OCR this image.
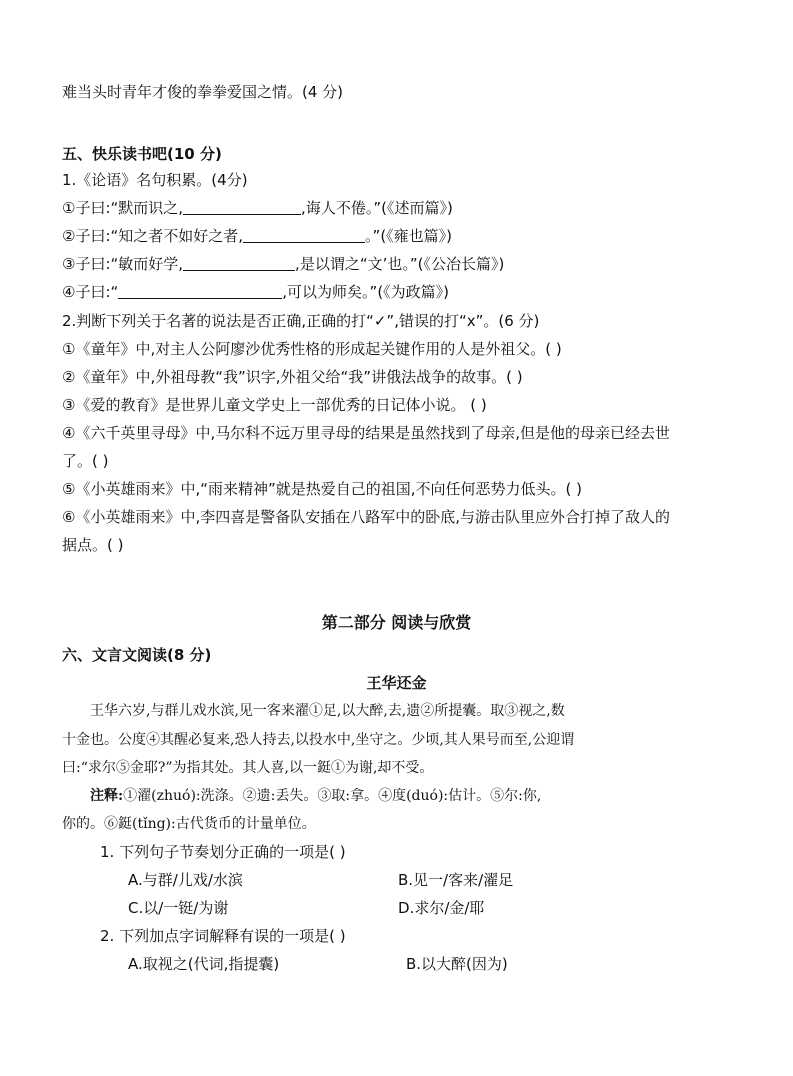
难当头时青年才俊的拳拳爱国之情。(4 分)
五、快乐读书吧(10 分)
1.《论语》名句积累。(4分)
①子曰:“默而识之,	,诲人不倦。”(《述而篇》)
②子曰:“知之者不如好之者,	。”(《雍也篇》)
③子曰:“敏而好学,	,是以谓之“文’也。”(《公冶长篇》)
④子曰:“	,可以为师矣。”(《为政篇》)
2.判断下列关于名著的说法是否正确,正确的打“✓”,错误的打“x”。(6 分)
①《童年》中,对主人公阿廖沙优秀性格的形成起关键作用的人是外祖父。( )
②《童年》中,外祖母教“我”识字,外祖父给“我”讲俄法战争的故事。( )
③《爱的教育》是世界儿童文学史上一部优秀的日记体小说。 ( )
④《六千英里寻母》中,马尔科不远万里寻母的结果是虽然找到了母亲,但是他的母亲已经去世
了。( )
⑤《小英雄雨来》中,“雨来精神”就是热爱自己的祖国,不向任何恶势力低头。( )
⑥《小英雄雨来》中,李四喜是警备队安插在八路军中的卧底,与游击队里应外合打掉了敌人的
据点。( )
第二部分 阅读与欣赏
六、文言文阅读(8 分)
王华还金
王华六岁,与群儿戏水滨,见一客来濯①足,以大醉,去,遗②所提囊。取③视之,数
十金也。公度④其醒必复来,恐人持去,以投水中,坐守之。少顷,其人果号而至,公迎谓
曰:“求尔⑤金耶?”为指其处。其人喜,以一鋌①为谢,却不受。
注释:①濯(zhuó):洗涤。②遗:丢失。③取:拿。④度(duó):估计。⑤尔:你,
你的。⑥鋌(tǐng):古代货币的计量单位。
1. 下列句子节奏划分正确的一项是( )
A.与群/儿戏/水滨	B.见一/客来/濯足
C.以/一铤/为谢	D.求尔/金/耶
2. 下列加点字词解释有误的一项是( )
A.取视之(代词,指提囊)	B.以大醉(因为)
